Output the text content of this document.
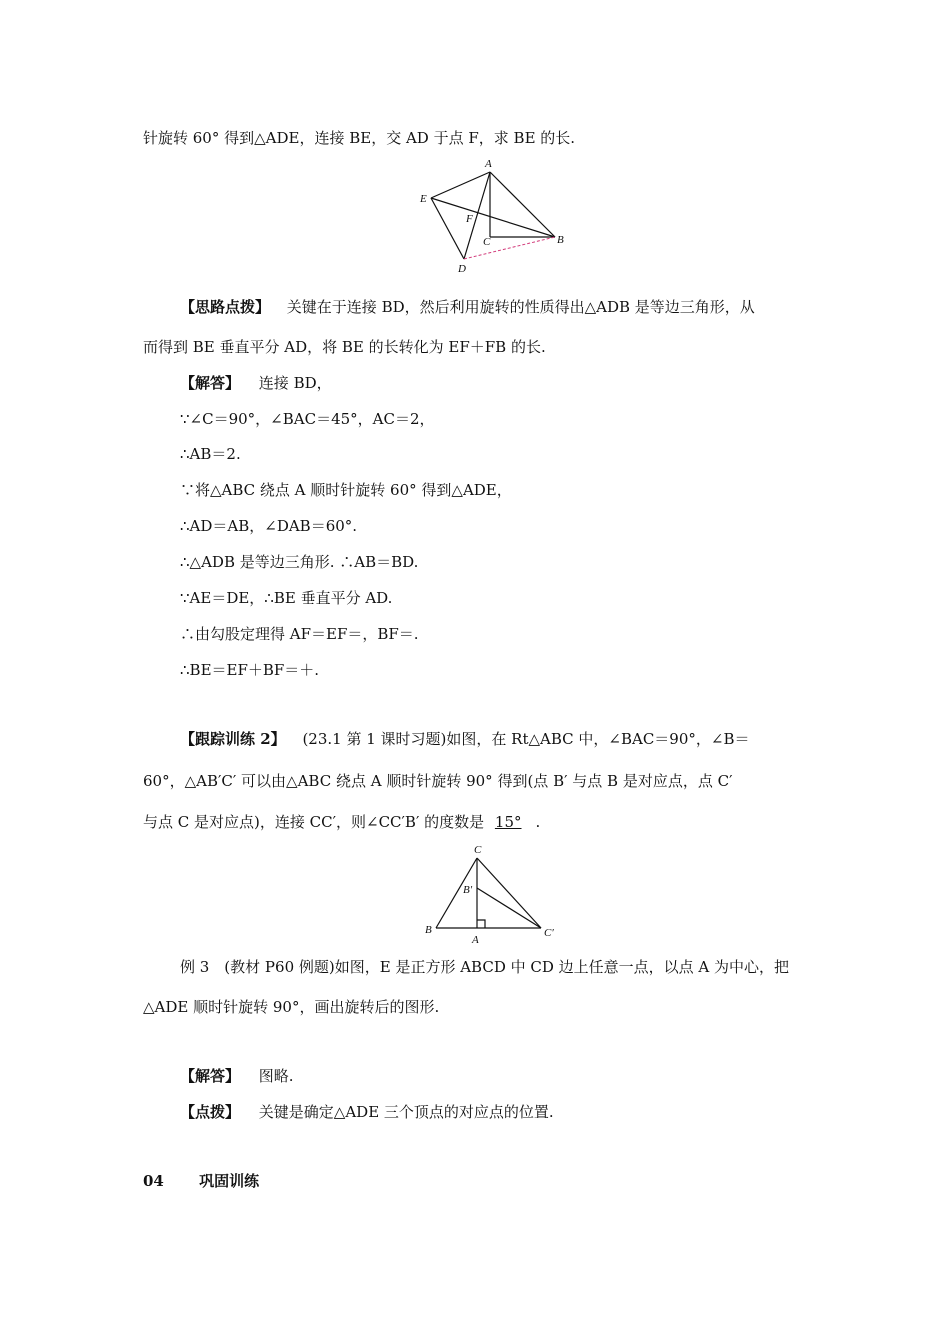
针旋转 60° 得到△ADE，连接 BE，交 AD 于点 F，求 BE 的长.
A
E
F
C	B
D
【思路点拨】 关键在于连接 BD，然后利用旋转的性质得出△ADB 是等边三角形，从
而得到 BE 垂直平分 AD，将 BE 的长转化为 EF＋FB 的长.
【解答】 连接 BD，
∵∠C＝90°，∠BAC＝45°，AC＝2，
∴AB＝2.
∵将△ABC 绕点 A 顺时针旋转 60° 得到△ADE，
∴AD＝AB，∠DAB＝60°.
∴△ADB 是等边三角形. ∴AB＝BD.
∵AE＝DE，∴BE 垂直平分 AD.
∴由勾股定理得 AF＝EF＝，BF＝.
∴BE＝EF＋BF＝＋.
【跟踪训练 2】 (23.1 第 1 课时习题)如图，在 Rt△ABC 中，∠BAC＝90°，∠B＝
60°，△AB′C′ 可以由△ABC 绕点 A 顺时针旋转 90° 得到(点 B′ 与点 B 是对应点，点 C′
与点 C 是对应点)，连接 CC′，则∠CC′B′ 的度数是 15° .
C
B′
B
A
C′
例 3　(教材 P60 例题)如图，E 是正方形 ABCD 中 CD 边上任意一点，以点 A 为中心，把
△ADE 顺时针旋转 90°，画出旋转后的图形.
【解答】 图略.
【点拨】 关键是确定△ADE 三个顶点的对应点的位置.
04 巩固训练
